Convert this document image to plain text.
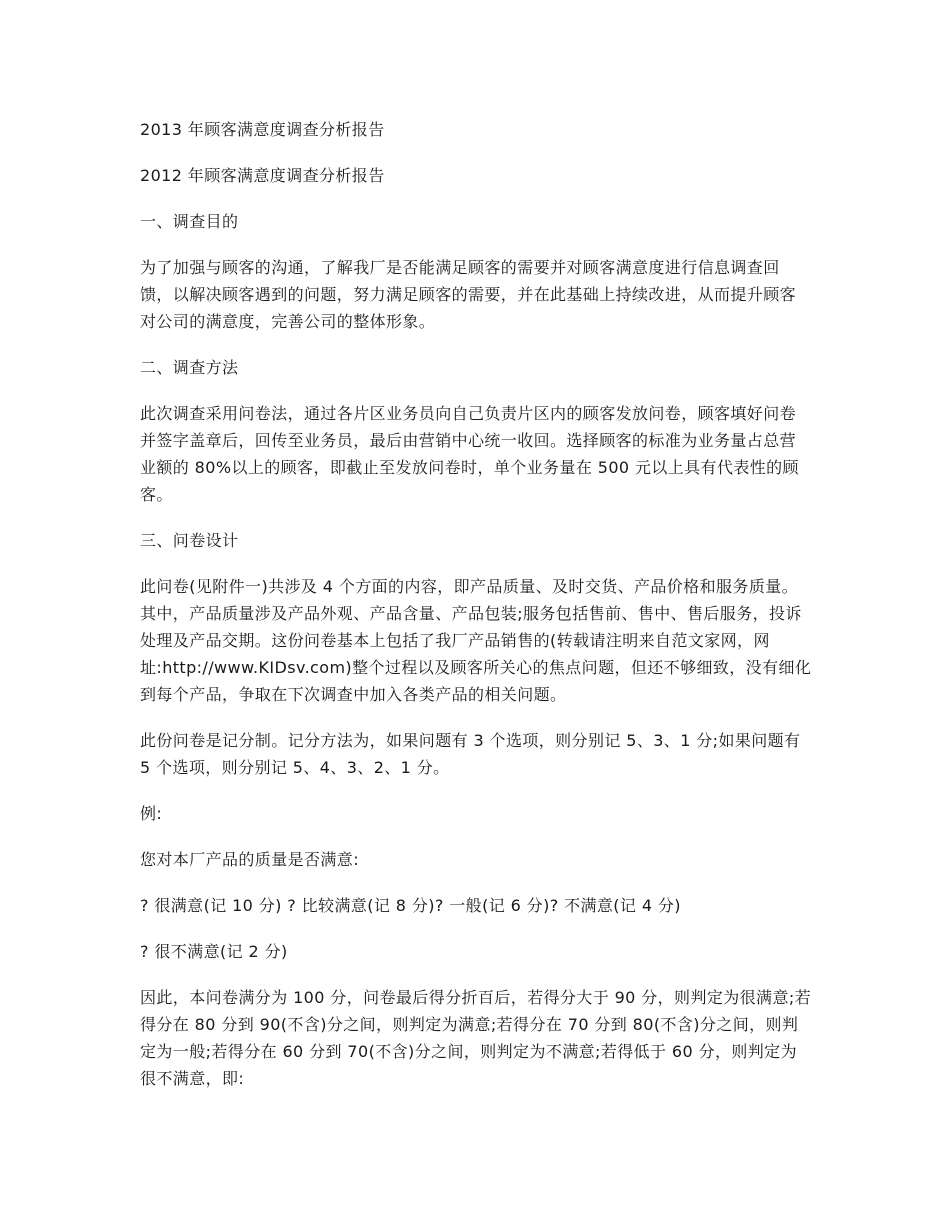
2013 年顾客满意度调查分析报告

2012 年顾客满意度调查分析报告

一、调查目的

为了加强与顾客的沟通，了解我厂是否能满足顾客的需要并对顾客满意度进行信息调查回馈，以解决顾客遇到的问题，努力满足顾客的需要，并在此基础上持续改进，从而提升顾客对公司的满意度，完善公司的整体形象。

二、调查方法

此次调查采用问卷法，通过各片区业务员向自己负责片区内的顾客发放问卷，顾客填好问卷并签字盖章后，回传至业务员，最后由营销中心统一收回。选择顾客的标准为业务量占总营业额的 80%以上的顾客，即截止至发放问卷时，单个业务量在 500 元以上具有代表性的顾客。

三、问卷设计

此问卷(见附件一)共涉及 4 个方面的内容，即产品质量、及时交货、产品价格和服务质量。其中，产品质量涉及产品外观、产品含量、产品包装;服务包括售前、售中、售后服务，投诉处理及产品交期。这份问卷基本上包括了我厂产品销售的(转载请注明来自范文家网，网址:http://www.KIDsv.com)整个过程以及顾客所关心的焦点问题，但还不够细致，没有细化到每个产品，争取在下次调查中加入各类产品的相关问题。

此份问卷是记分制。记分方法为，如果问题有 3 个选项，则分别记 5、3、1 分;如果问题有 5 个选项，则分别记 5、4、3、2、1 分。

例:

您对本厂产品的质量是否满意:

? 很满意(记 10 分) ? 比较满意(记 8 分)? 一般(记 6 分)? 不满意(记 4 分)

? 很不满意(记 2 分)

因此，本问卷满分为 100 分，问卷最后得分折百后，若得分大于 90 分，则判定为很满意;若得分在 80 分到 90(不含)分之间，则判定为满意;若得分在 70 分到 80(不含)分之间，则判定为一般;若得分在 60 分到 70(不含)分之间，则判定为不满意;若得低于 60 分，则判定为很不满意，即:
